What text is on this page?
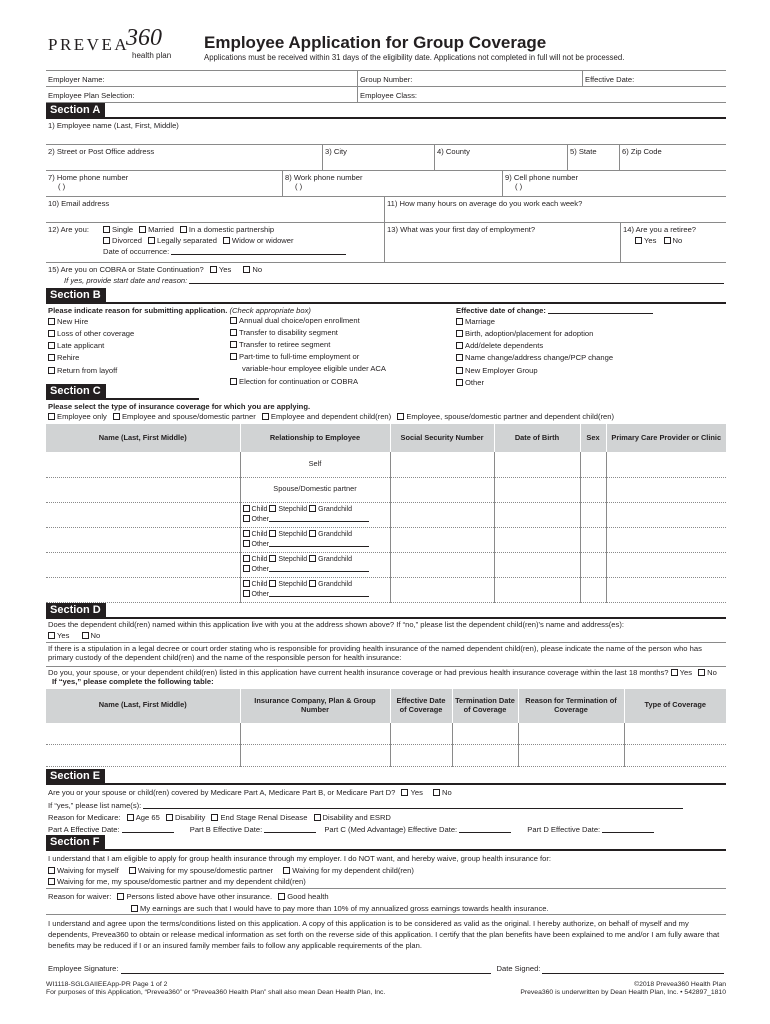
PREVEA
360
health plan
Employee Application for Group Coverage
Applications must be received within 31 days of the eligibility date. Applications not completed in full will not be processed.
Employer Name:	Group Number:	Effective Date:
Employee Plan Selection:	Employee Class:
Section A
1) Employee name (Last, First, Middle)
2) Street or Post Office address	3) City	4) County	5) State	6) Zip Code
7) Home phone number
( )
8) Work phone number
( )
9) Cell phone number
( )
10) Email address	11) How many hours on average do you work each week?
12) Are you:	Single	Married	In a domestic partnership
Divorced	Legally separated	Widow or widower
Date of occurrence:
13) What was your first day of employment?	14) Are you a retiree?
Yes No
15) Are you on COBRA or State Continuation? Yes	No
If yes, provide start date and reason:
Section B
Please indicate reason for submitting application. (Check appropriate box)
New Hire
Loss of other coverage
Late applicant
Rehire
Return from layoff
Annual dual choice/open enrollment
Transfer to disability segment
Transfer to retiree segment
Part-time to full-time employment or
variable-hour employee eligible under ACA
Election for continuation or COBRA
Effective date of change:
Marriage
Birth, adoption/placement for adoption
Add/delete dependents
Name change/address change/PCP change
New Employer Group
Other
Section C
Please select the type of insurance coverage for which you are applying.
Employee only Employee and spouse/domestic partner Employee and dependent child(ren) Employee, spouse/domestic partner and dependent child(ren)
Name (Last, First Middle)	Relationship to Employee	Social Security Number	Date of Birth	Sex	Primary Care Provider or Clinic
	Self				
	Spouse/Domestic partner				

	Child Stepchild Grandchild
Other				

	Child Stepchild Grandchild
Other				

	Child Stepchild Grandchild
Other				

	Child Stepchild Grandchild
Other				

Section D
Does the dependent child(ren) named within this application live with you at the address shown above? If “no,” please list the dependent child(ren)'s name and address(es):
Yes	No
If there is a stipulation in a legal decree or court order stating who is responsible for providing health insurance of the named dependent child(ren), please indicate the name of the person who has primary custody of the dependent child(ren) and the name of the responsible person for health insurance:
Do you, your spouse, or your dependent child(ren) listed in this application have current health insurance coverage or had previous health insurance coverage within the last 18 months? Yes No If “yes,” please complete the following table:
Name (Last, First Middle)	Insurance Company, Plan & Group Number	Effective Date of Coverage	Termination Date of Coverage	Reason for Termination of Coverage	Type of Coverage

Section E
Are you or your spouse or child(ren) covered by Medicare Part A, Medicare Part B, or Medicare Part D? Yes	No
If “yes,” please list name(s):
Reason for Medicare: Age 65 Disability End Stage Renal Disease Disability and ESRD
Part A Effective Date:	Part B Effective Date:	Part C (Med Advantage) Effective Date:	Part D Effective Date:
Section F
I understand that I am eligible to apply for group health insurance through my employer. I do NOT want, and hereby waive, group health insurance for:
Waiving for myself	Waiving for my spouse/domestic partner	Waiving for my dependent child(ren)
Waiving for me, my spouse/domestic partner and my dependent child(ren)
Reason for waiver: Persons listed above have other insurance. Good health
My earnings are such that I would have to pay more than 10% of my annualized gross earnings towards health insurance.
I understand and agree upon the terms/conditions listed on this application. A copy of this application is to be considered as valid as the original. I hereby authorize, on behalf of myself and my dependents, Prevea360 to obtain or release medical information as set forth on the reverse side of this application. I certify that the plan benefits have been explained to me and/or I am fully aware that benefits may be reduced if I or an insured family member fails to follow any applicable requirements of the plan.
Employee Signature:	Date Signed:
WI1118-SGLGAIIEEApp-PR Page 1 of 2
For purposes of this Application, “Prevea360” or “Prevea360 Health Plan” shall also mean Dean Health Plan, Inc.
©2018 Prevea360 Health Plan
Prevea360 is underwritten by Dean Health Plan, Inc. • 542897_1810
